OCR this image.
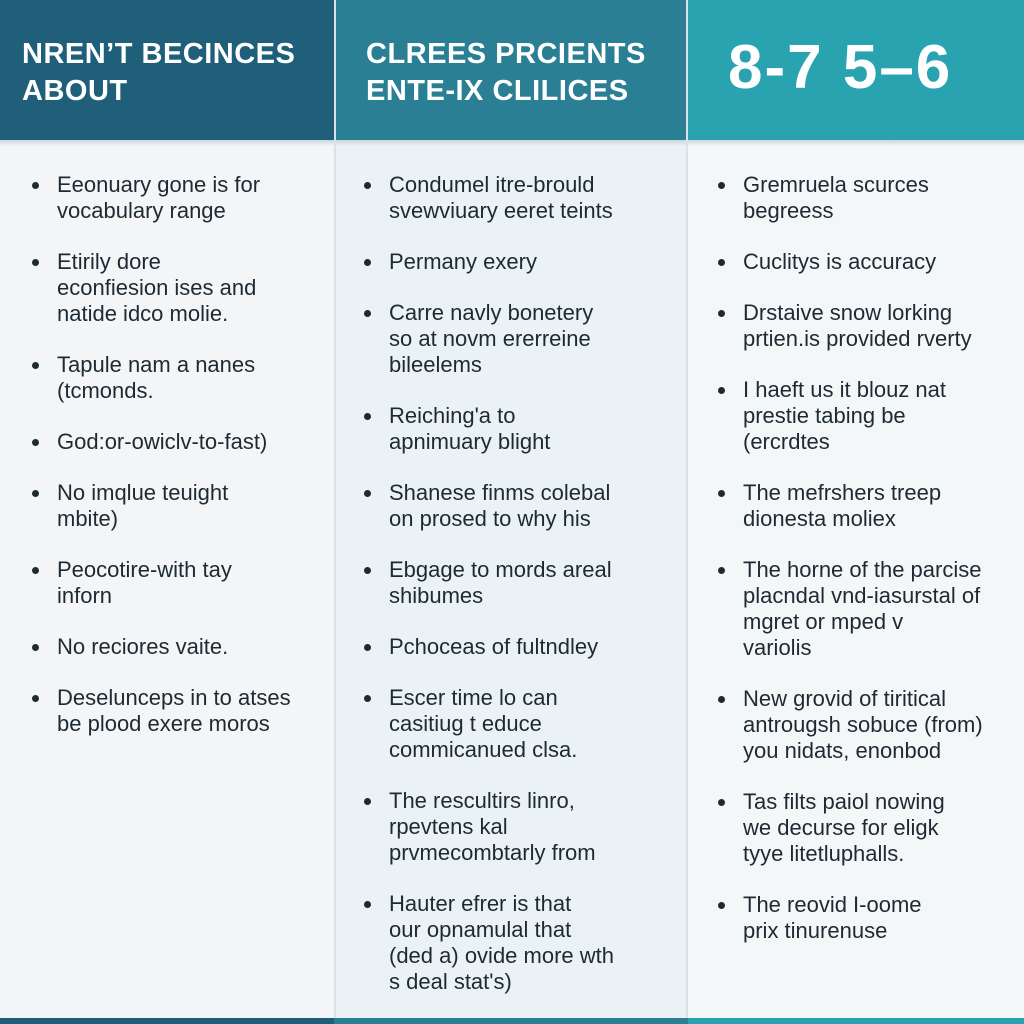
NREN’T BECINCES
ABOUT
Eeonuary gone is for
vocabulary range
Etirily dore
econfiesion ises and
natide idco molie.
Tapule nam a nanes
(tcmonds.
God:or-owiclv-to-fast)
No imqlue teuight
mbite)
Peocotire-with tay
inforn
No reciores vaite.
Deselunceps in to atses
be plood exere moros
CLREES PRCIENTS
ENTE-IX CLILICES
Condumel itre-brould
svewviuary eeret teints
Permany exery
Carre navly bonetery
so at novm ererreine
bileelems
Reiching'a to
apnimuary blight
Shanese finms colebal
on prosed to why his
Ebgage to mords areal
shibumes
Pchoceas of fultndley
Escer time lo can
casitiug t educe
commicanued clsa.
The rescultirs linro,
rpevtens kal
prvmecombtarly from
Hauter efrer is that
our opnamulal that
(ded a) ovide more wth
s deal stat's)
8-7 5–6
Gremruela scurces
begreess
Cuclitys is accuracy
Drstaive snow lorking
prtien.is provided rverty
I haeft us it blouz nat
prestie tabing be
(ercrdtes
The mefrshers treep
dionesta moliex
The horne of the parcise
placndal vnd-iasurstal of
mgret or mped v
variolis
New grovid of tiritical
antrougsh sobuce (from)
you nidats, enonbod
Tas filts paiol nowing
we decurse for eligk
tyye litetluphalls.
The reovid I-oome
prix tinurenuse
